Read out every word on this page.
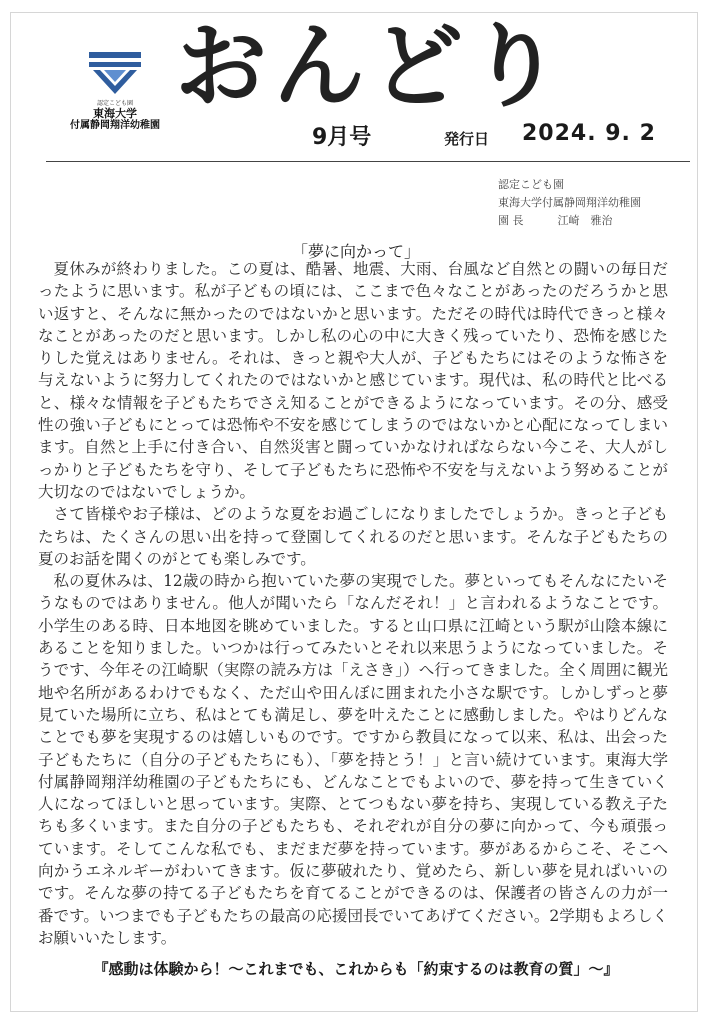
認定こども園
東海大学
付属静岡翔洋幼稚園
おんどり
9月号	発行日 2024. 9. 2
認定こども園
東海大学付属静岡翔洋幼稚園
園 長	江崎　雅治
「夢に向かって」

夏休みが終わりました。この夏は、酷暑、地震、大雨、台風など自然との闘いの毎日だったように思います。私が子どもの頃には、ここまで色々なことがあったのだろうかと思い返すと、そんなに無かったのではないかと思います。ただその時代は時代できっと様々なことがあったのだと思います。しかし私の心の中に大きく残っていたり、恐怖を感じたりした覚えはありません。それは、きっと親や大人が、子どもたちにはそのような怖さを与えないように努力してくれたのではないかと感じています。現代は、私の時代と比べると、様々な情報を子どもたちでさえ知ることができるようになっています。その分、感受性の強い子どもにとっては恐怖や不安を感じてしまうのではないかと心配になってしまいます。自然と上手に付き合い、自然災害と闘っていかなければならない今こそ、大人がしっかりと子どもたちを守り、そして子どもたちに恐怖や不安を与えないよう努めることが大切なのではないでしょうか。

さて皆様やお子様は、どのような夏をお過ごしになりましたでしょうか。きっと子どもたちは、たくさんの思い出を持って登園してくれるのだと思います。そんな子どもたちの夏のお話を聞くのがとても楽しみです。

私の夏休みは、12歳の時から抱いていた夢の実現でした。夢といってもそんなにたいそうなものではありません。他人が聞いたら「なんだそれ！」と言われるようなことです。小学生のある時、日本地図を眺めていました。すると山口県に江崎という駅が山陰本線にあることを知りました。いつかは行ってみたいとそれ以来思うようになっていました。そうです、今年その江崎駅（実際の読み方は「えさき」）へ行ってきました。全く周囲に観光地や名所があるわけでもなく、ただ山や田んぼに囲まれた小さな駅です。しかしずっと夢見ていた場所に立ち、私はとても満足し、夢を叶えたことに感動しました。やはりどんなことでも夢を実現するのは嬉しいものです。ですから教員になって以来、私は、出会った子どもたちに（自分の子どもたちにも）、「夢を持とう！」と言い続けています。東海大学付属静岡翔洋幼稚園の子どもたちにも、どんなことでもよいので、夢を持って生きていく人になってほしいと思っています。実際、とてつもない夢を持ち、実現している教え子たちも多くいます。また自分の子どもたちも、それぞれが自分の夢に向かって、今も頑張っています。そしてこんな私でも、まだまだ夢を持っています。夢があるからこそ、そこへ向かうエネルギーがわいてきます。仮に夢破れたり、覚めたら、新しい夢を見ればいいのです。そんな夢の持てる子どもたちを育てることができるのは、保護者の皆さんの力が一番です。いつまでも子どもたちの最高の応援団長でいてあげてください。2学期もよろしくお願いいたします。

『感動は体験から！～これまでも、これからも「約束するのは教育の質」～』
